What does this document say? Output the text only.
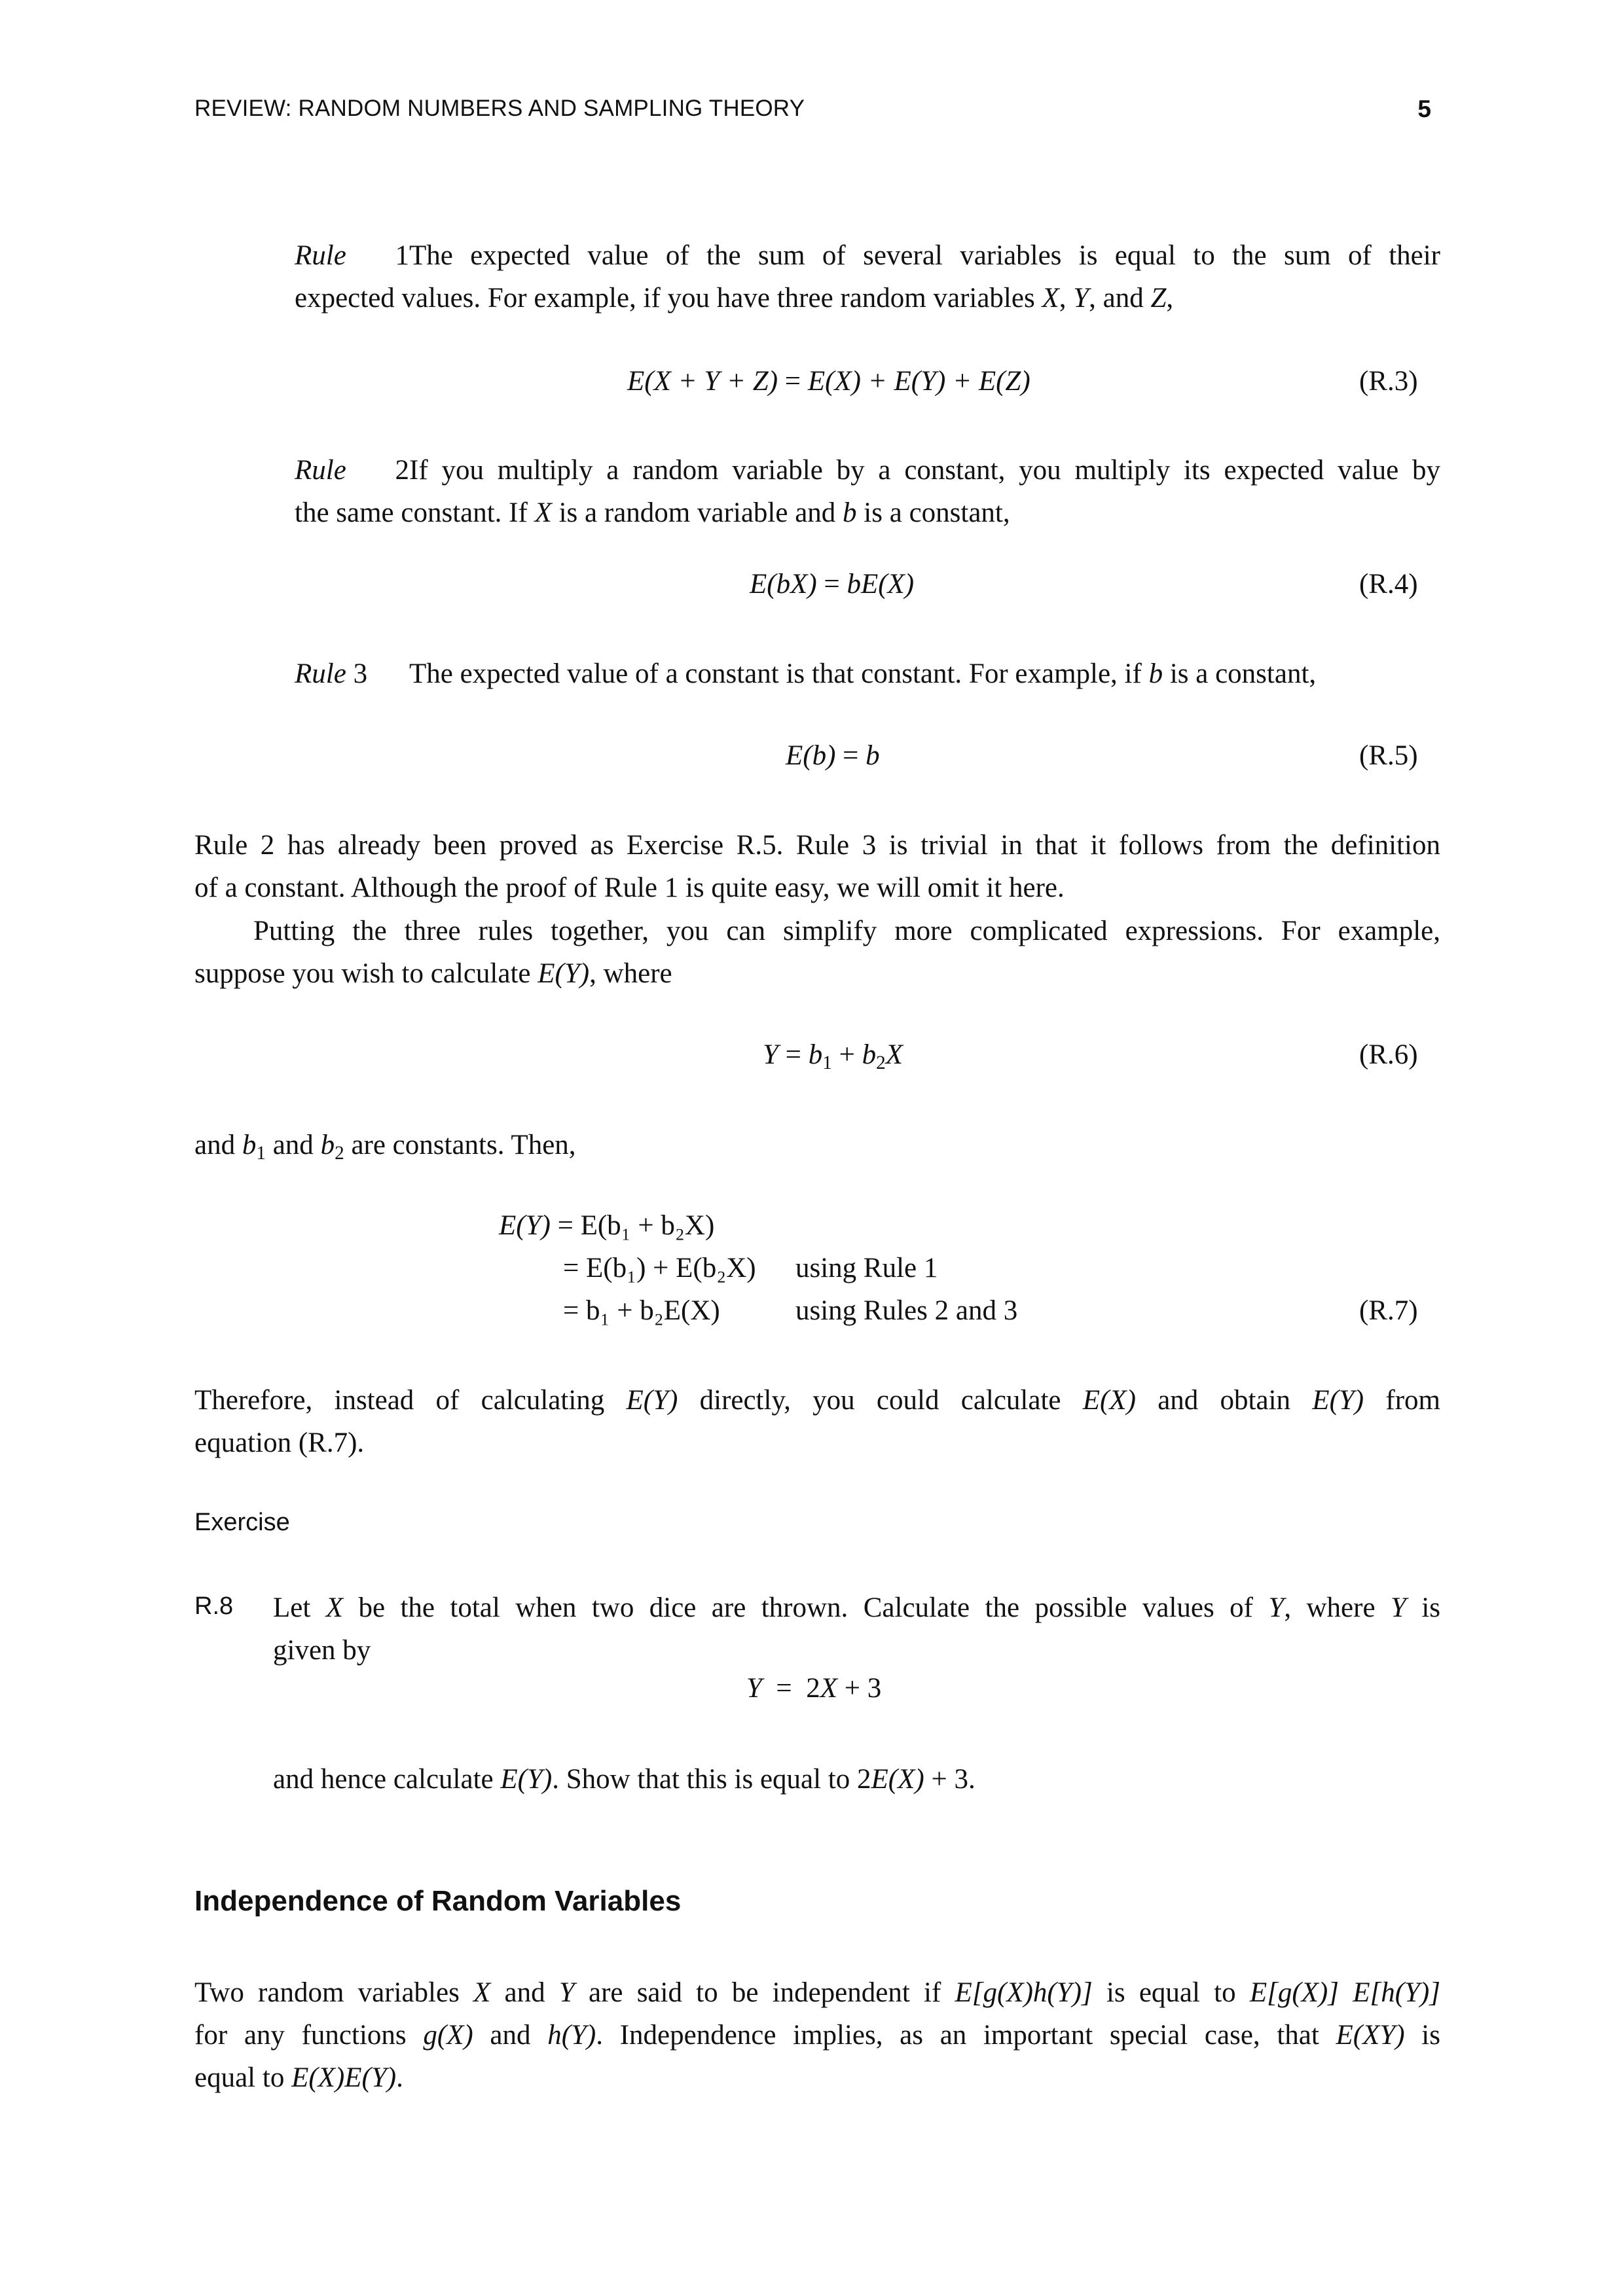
REVIEW: RANDOM NUMBERS AND SAMPLING THEORY	5
Rule 1The expected value of the sum of several variables is equal to the sum of their
expected values. For example, if you have three random variables X, Y, and Z,
E(X + Y + Z) = E(X) + E(Y) + E(Z)	(R.3)
Rule 2If you multiply a random variable by a constant, you multiply its expected value by
the same constant. If X is a random variable and b is a constant,
E(bX) = bE(X)	(R.4)
Rule 3 The expected value of a constant is that constant. For example, if b is a constant,
E(b) = b	(R.5)
Rule 2 has already been proved as Exercise R.5. Rule 3 is trivial in that it follows from the definition
of a constant. Although the proof of Rule 1 is quite easy, we will omit it here.
Putting the three rules together, you can simplify more complicated expressions. For example,
suppose you wish to calculate E(Y), where
$Y = b_1 + b_2X$	(R.6)
and $b_1$ and $b_2$ are constants. Then,
E(Y) = E(b₁ + b₂X)
= E(b₁) + E(b₂X) using Rule 1
= b₁ + b₂E(X)	using Rules 2 and 3	(R.7)
Therefore, instead of calculating E(Y) directly, you could calculate E(X) and obtain E(Y) from
equation (R.7).
Exercise
R.8 Let X be the total when two dice are thrown. Calculate the possible values of Y, where Y is
given by
Y  =  2X + 3
and hence calculate E(Y). Show that this is equal to 2E(X) + 3.
Independence of Random Variables
Two random variables X and Y are said to be independent if E[g(X)h(Y)] is equal to E[g(X)] E[h(Y)]
for any functions g(X) and h(Y). Independence implies, as an important special case, that E(XY) is
equal to E(X)E(Y).
